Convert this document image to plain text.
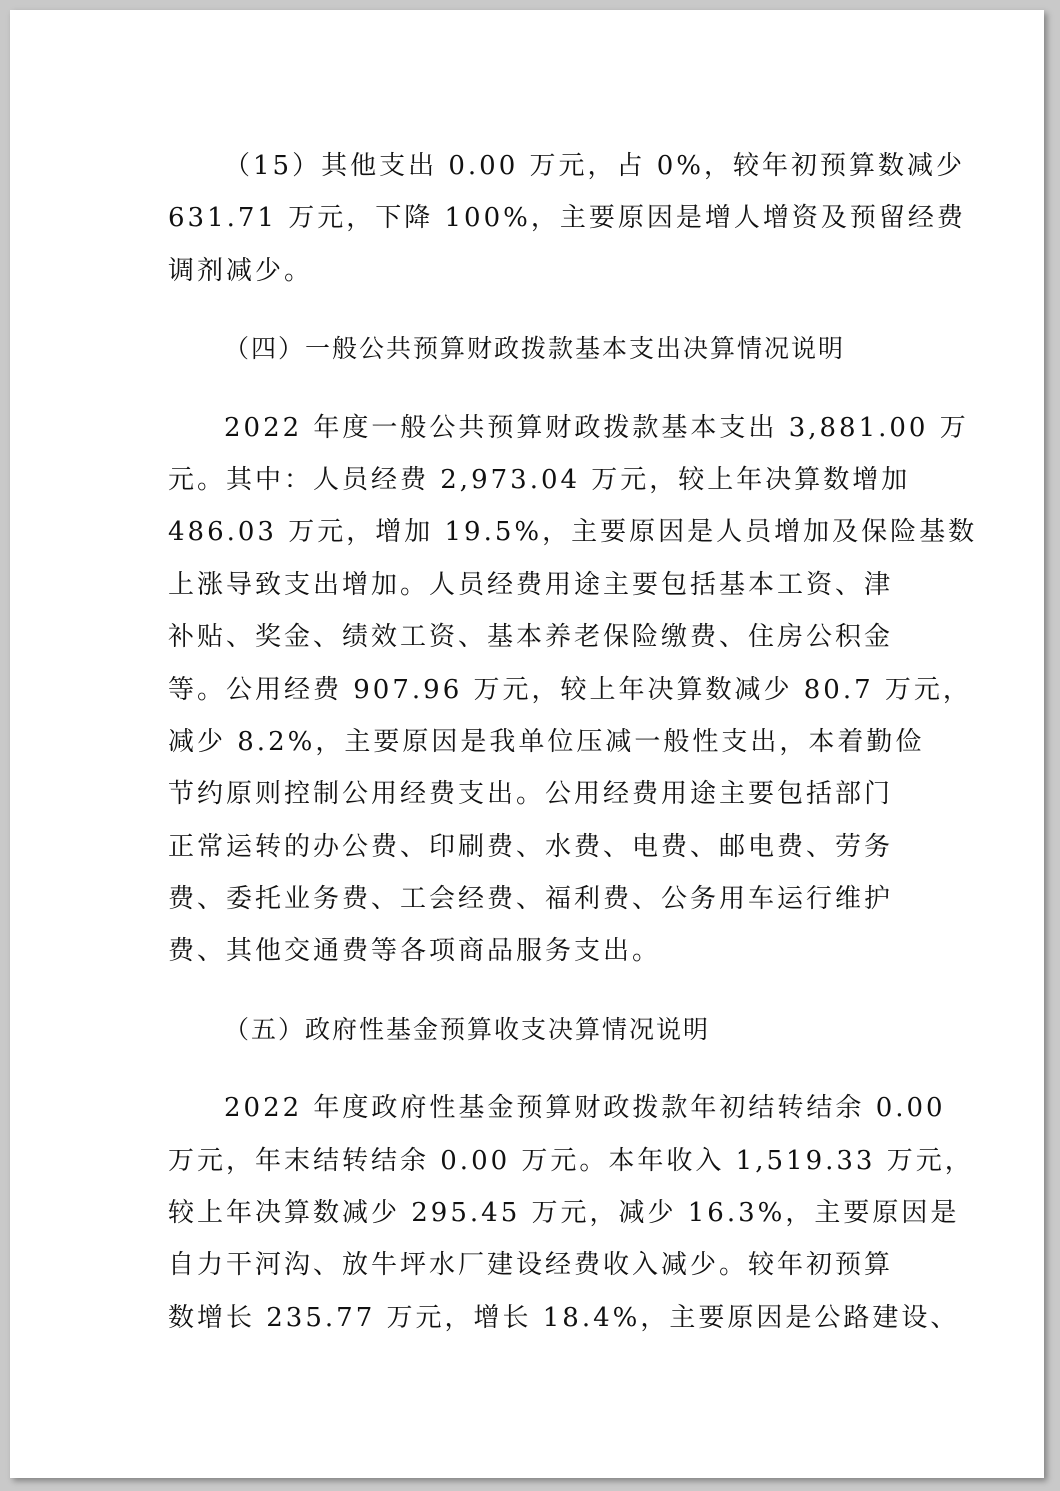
（15）其他支出 0.00 万元，占 0%，较年初预算数减少
631.71 万元，下降 100%，主要原因是增人增资及预留经费
调剂减少。
（四）一般公共预算财政拨款基本支出决算情况说明
2022 年度一般公共预算财政拨款基本支出 3,881.00 万
元。其中：人员经费 2,973.04 万元，较上年决算数增加
486.03 万元，增加 19.5%，主要原因是人员增加及保险基数
上涨导致支出增加。人员经费用途主要包括基本工资、津
补贴、奖金、绩效工资、基本养老保险缴费、住房公积金
等。公用经费 907.96 万元，较上年决算数减少 80.7 万元，
减少 8.2%，主要原因是我单位压减一般性支出，本着勤俭
节约原则控制公用经费支出。公用经费用途主要包括部门
正常运转的办公费、印刷费、水费、电费、邮电费、劳务
费、委托业务费、工会经费、福利费、公务用车运行维护
费、其他交通费等各项商品服务支出。
（五）政府性基金预算收支决算情况说明
2022 年度政府性基金预算财政拨款年初结转结余 0.00
万元，年末结转结余 0.00 万元。本年收入 1,519.33 万元，
较上年决算数减少 295.45 万元，减少 16.3%，主要原因是
自力干河沟、放牛坪水厂建设经费收入减少。较年初预算
数增长 235.77 万元，增长 18.4%，主要原因是公路建设、
